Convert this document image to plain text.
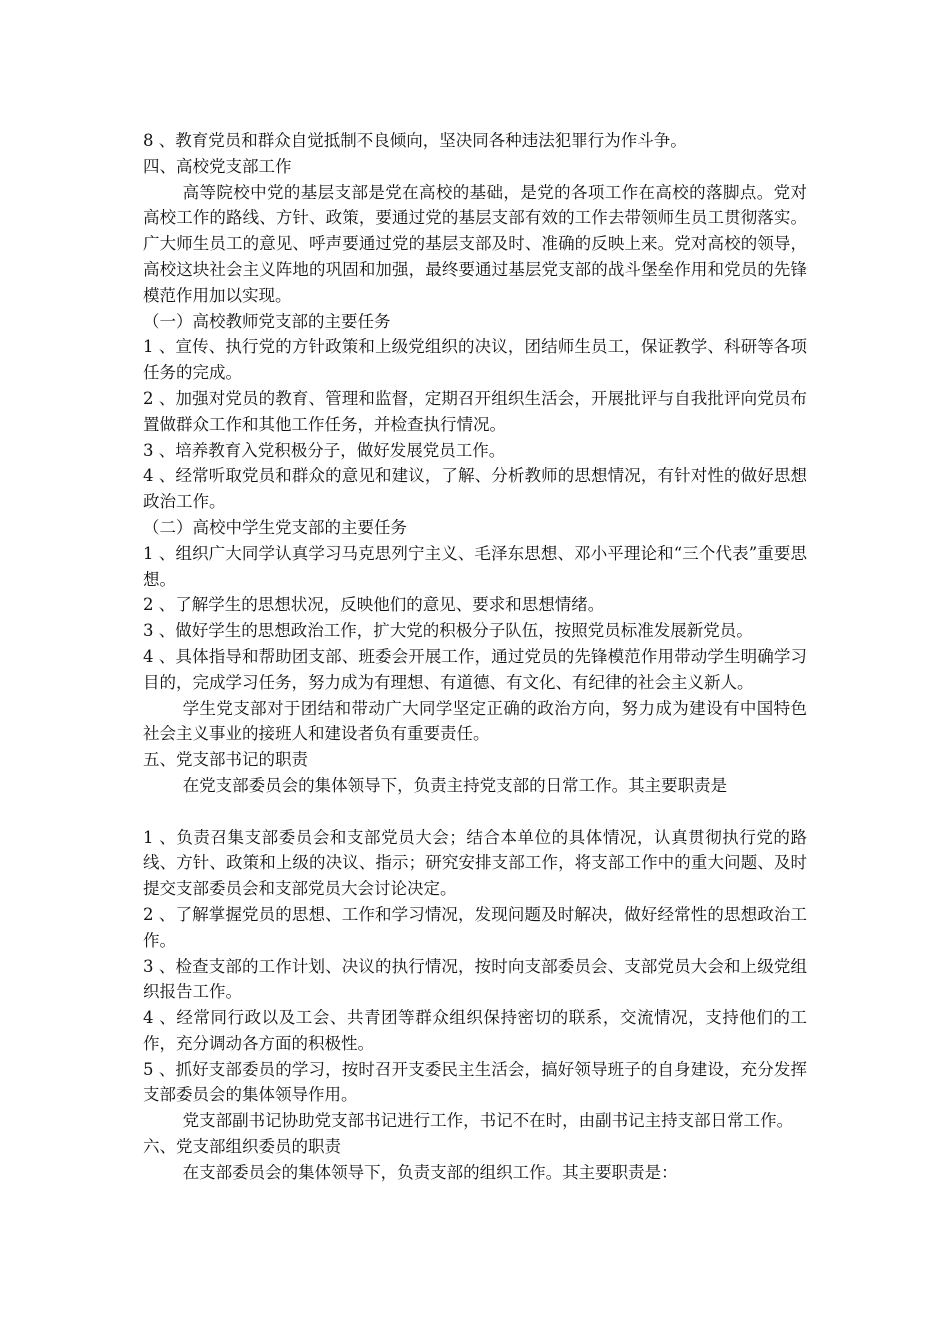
8 、教育党员和群众自觉抵制不良倾向，坚决同各种违法犯罪行为作斗争。

四、高校党支部工作

高等院校中党的基层支部是党在高校的基础，是党的各项工作在高校的落脚点。党对高校工作的路线、方针、政策，要通过党的基层支部有效的工作去带领师生员工贯彻落实。广大师生员工的意见、呼声要通过党的基层支部及时、准确的反映上来。党对高校的领导，高校这块社会主义阵地的巩固和加强，最终要通过基层党支部的战斗堡垒作用和党员的先锋模范作用加以实现。

（一）高校教师党支部的主要任务

1 、宣传、执行党的方针政策和上级党组织的决议，团结师生员工，保证教学、科研等各项任务的完成。

2 、加强对党员的教育、管理和监督，定期召开组织生活会，开展批评与自我批评向党员布置做群众工作和其他工作任务，并检查执行情况。

3 、培养教育入党积极分子，做好发展党员工作。

4 、经常听取党员和群众的意见和建议，了解、分析教师的思想情况，有针对性的做好思想政治工作。

（二）高校中学生党支部的主要任务

1 、组织广大同学认真学习马克思列宁主义、毛泽东思想、邓小平理论和“三个代表”重要思想。

2 、了解学生的思想状况，反映他们的意见、要求和思想情绪。

3 、做好学生的思想政治工作，扩大党的积极分子队伍，按照党员标准发展新党员。

4 、具体指导和帮助团支部、班委会开展工作，通过党员的先锋模范作用带动学生明确学习目的，完成学习任务，努力成为有理想、有道德、有文化、有纪律的社会主义新人。

学生党支部对于团结和带动广大同学坚定正确的政治方向，努力成为建设有中国特色社会主义事业的接班人和建设者负有重要责任。

五、党支部书记的职责

在党支部委员会的集体领导下，负责主持党支部的日常工作。其主要职责是

1 、负责召集支部委员会和支部党员大会；结合本单位的具体情况，认真贯彻执行党的路线、方针、政策和上级的决议、指示；研究安排支部工作，将支部工作中的重大问题、及时提交支部委员会和支部党员大会讨论决定。

2 、了解掌握党员的思想、工作和学习情况，发现问题及时解决，做好经常性的思想政治工作。

3 、检查支部的工作计划、决议的执行情况，按时向支部委员会、支部党员大会和上级党组织报告工作。

4 、经常同行政以及工会、共青团等群众组织保持密切的联系，交流情况，支持他们的工作，充分调动各方面的积极性。

5 、抓好支部委员的学习，按时召开支委民主生活会，搞好领导班子的自身建设，充分发挥支部委员会的集体领导作用。

党支部副书记协助党支部书记进行工作，书记不在时，由副书记主持支部日常工作。

六、党支部组织委员的职责

在支部委员会的集体领导下，负责支部的组织工作。其主要职责是：
